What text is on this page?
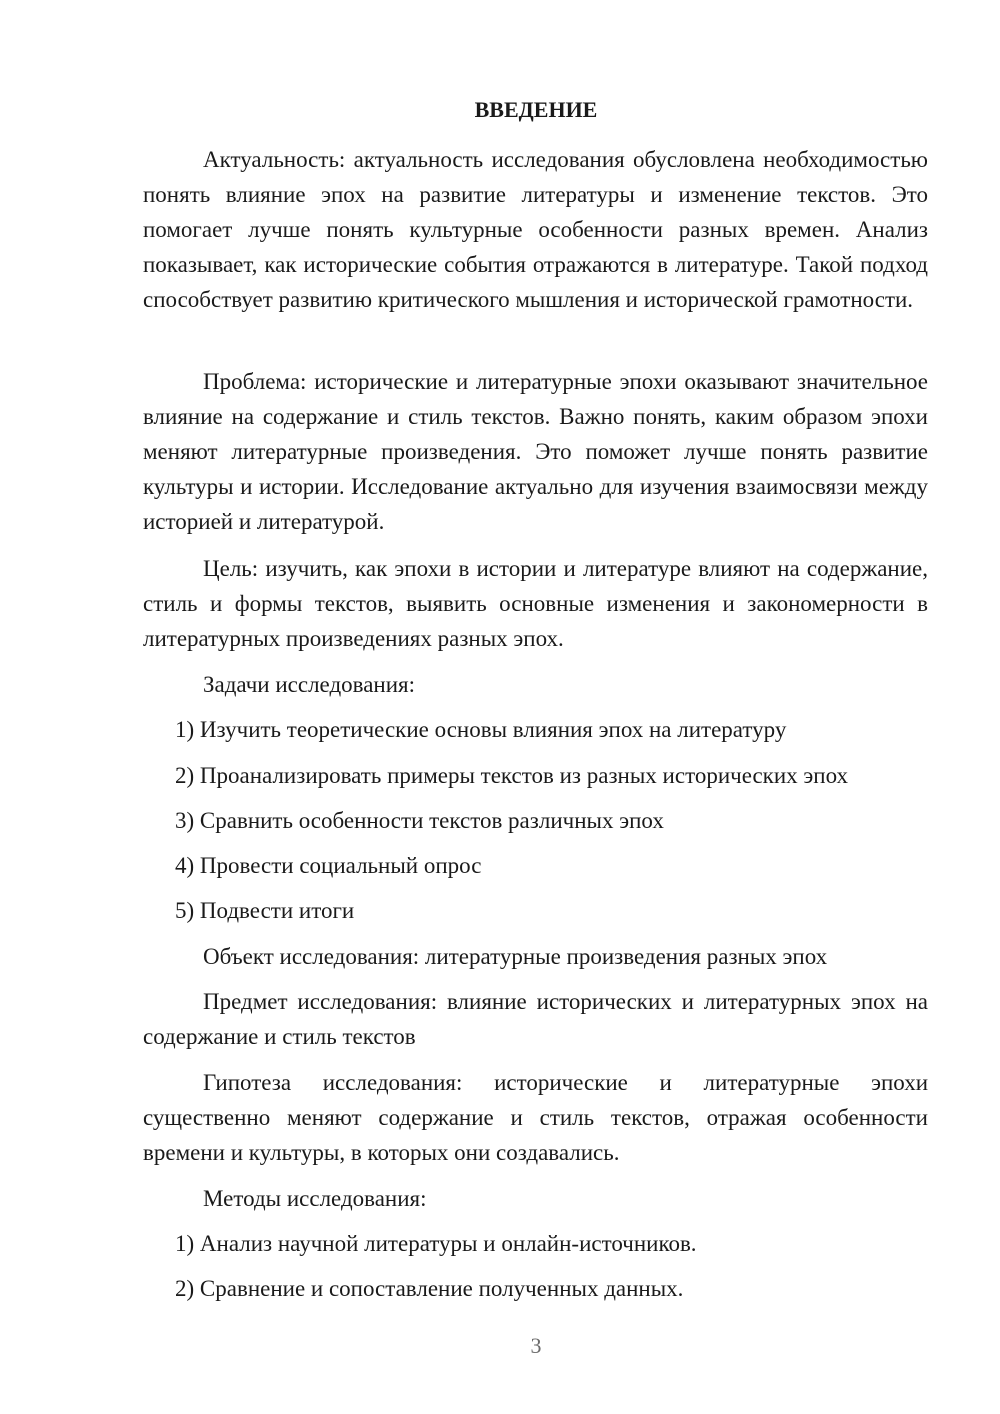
ВВЕДЕНИЕ

Актуальность: актуальность исследования обусловлена необходимостью понять влияние эпох на развитие литературы и изменение текстов. Это помогает лучше понять культурные особенности разных времен. Анализ показывает, как исторические события отражаются в литературе. Такой подход способствует развитию критического мышления и исторической грамотности.

Проблема: исторические и литературные эпохи оказывают значительное влияние на содержание и стиль текстов. Важно понять, каким образом эпохи меняют литературные произведения. Это поможет лучше понять развитие культуры и истории. Исследование актуально для изучения взаимосвязи между историей и литературой.

Цель: изучить, как эпохи в истории и литературе влияют на содержание, стиль и формы текстов, выявить основные изменения и закономерности в литературных произведениях разных эпох.

Задачи исследования:
1) Изучить теоретические основы влияния эпох на литературу
2) Проанализировать примеры текстов из разных исторических эпох
3) Сравнить особенности текстов различных эпох
4) Провести социальный опрос
5) Подвести итоги
Объект исследования: литературные произведения разных эпох

Предмет исследования: влияние исторических и литературных эпох на содержание и стиль текстов

Гипотеза исследования: исторические и литературные эпохи существенно меняют содержание и стиль текстов, отражая особенности времени и культуры, в которых они создавались.

Методы исследования:
1) Анализ научной литературы и онлайн-источников.
2) Сравнение и сопоставление полученных данных.
3
